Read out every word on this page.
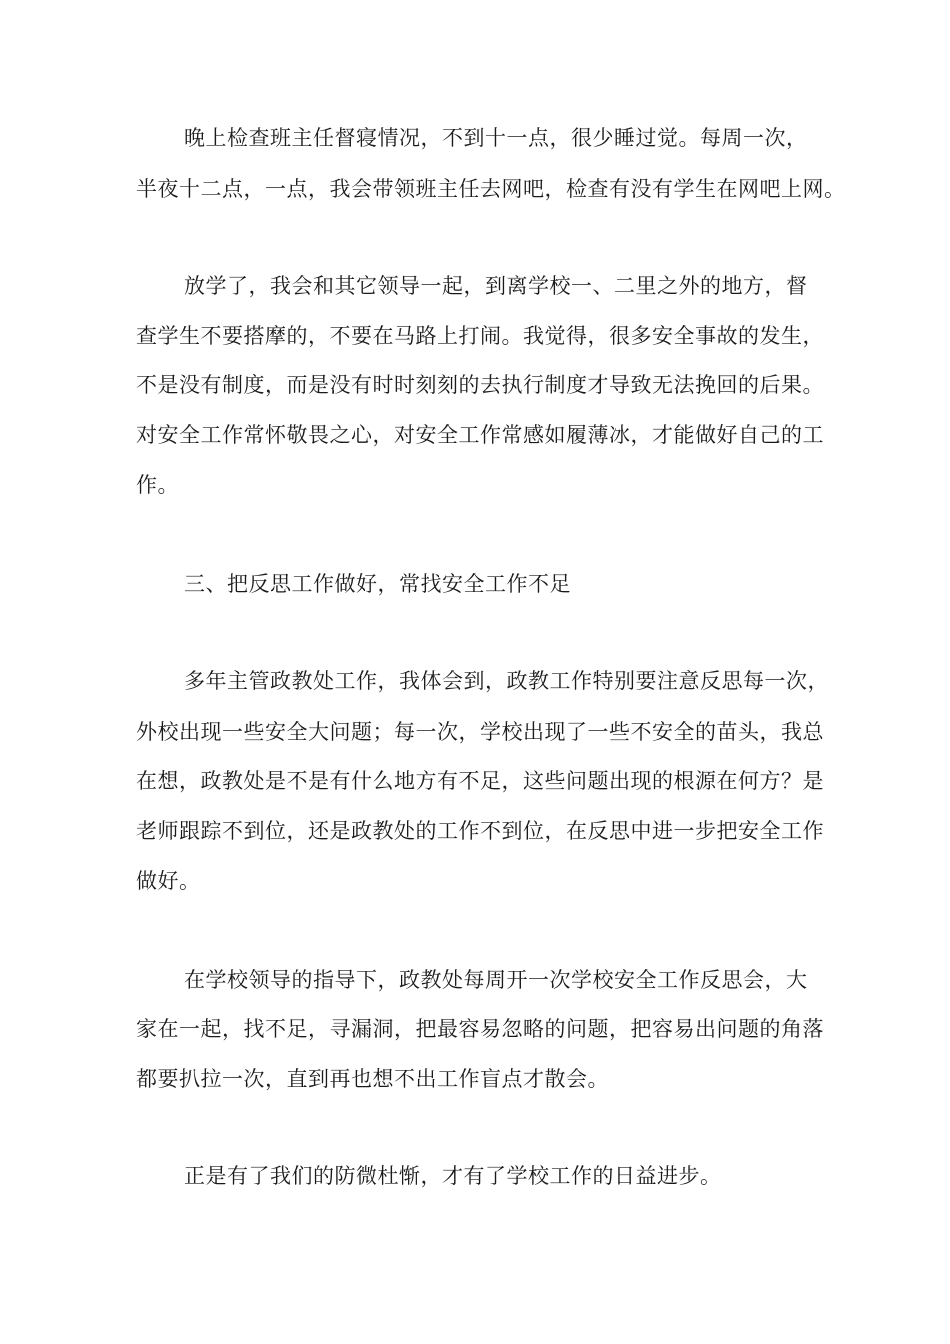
晚上检查班主任督寝情况，不到十一点，很少睡过觉。每周一次，
半夜十二点，一点，我会带领班主任去网吧，检查有没有学生在网吧上网。
放学了，我会和其它领导一起，到离学校一、二里之外的地方，督
查学生不要搭摩的，不要在马路上打闹。我觉得，很多安全事故的发生，
不是没有制度，而是没有时时刻刻的去执行制度才导致无法挽回的后果。
对安全工作常怀敬畏之心，对安全工作常感如履薄冰，才能做好自己的工
作。
三、把反思工作做好，常找安全工作不足
多年主管政教处工作，我体会到，政教工作特别要注意反思每一次，
外校出现一些安全大问题；每一次，学校出现了一些不安全的苗头，我总
在想，政教处是不是有什么地方有不足，这些问题出现的根源在何方？是
老师跟踪不到位，还是政教处的工作不到位，在反思中进一步把安全工作
做好。
在学校领导的指导下，政教处每周开一次学校安全工作反思会，大
家在一起，找不足，寻漏洞，把最容易忽略的问题，把容易出问题的角落
都要扒拉一次，直到再也想不出工作盲点才散会。
正是有了我们的防微杜惭，才有了学校工作的日益进步。
